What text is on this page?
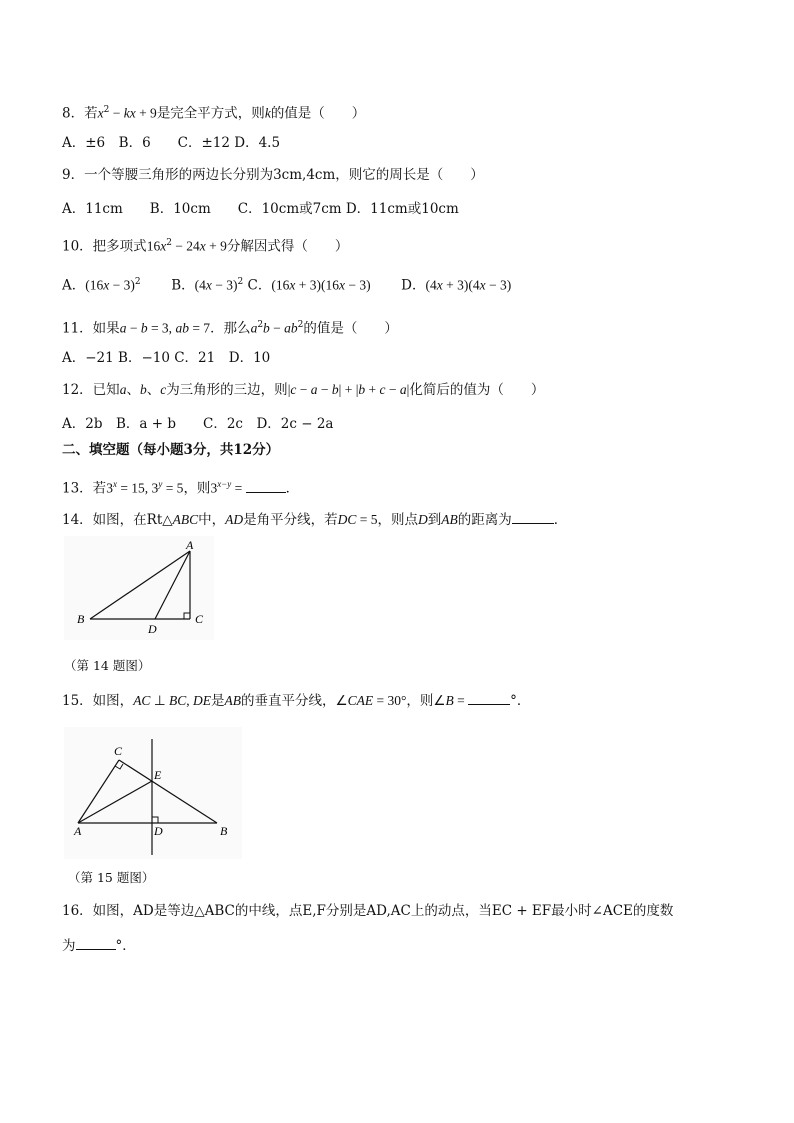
8．若$x^2$ − kx + 9是完全平方式，则k的值是（　　）
A．±6　B．6　　C．±12 D．4.5
9．一个等腰三角形的两边长分别为3cm,4cm，则它的周长是（　　）
A．11cm　　B．10cm　　C．10cm或7cm D．11cm或10cm
10．把多项式$16x^2 - 24x + 9$分解因式得（　　）
A．$(16x - 3)^2$ B．$(4x - 3)^2$ C．(16x + 3)(16x − 3) D．(4x + 3)(4x − 3)
11．如果a − b = 3, ab = 7．那么$a^2b - ab^2$的值是（　　）
A．−21 B．−10 C．21　D．10
12．已知a、b、c为三角形的三边，则|c − a − b| + |b + c − a|化简后的值为（　　）
A．2b　B．a + b　　C．2c　D．2c − 2a
二、填空题（每小题3分，共12分）
13．若$3^x = 15$, $3^y = 5$，则$3^{x-y}$ =	．
14．如图，在Rt△ABC中，AD是角平分线，若DC = 5，则点D到AB的距离为	．
A
B	C
D
（第 14 题图）
15．如图，AC ⊥ BC, DE是AB的垂直平分线，∠CAE = 30°，则∠B =	°．
C
E
A	D	B
（第 15 题图）
16．如图，AD是等边△ABC的中线，点E,F分别是AD,AC上的动点，当EC + EF最小时∠ACE的度数
为	°．
